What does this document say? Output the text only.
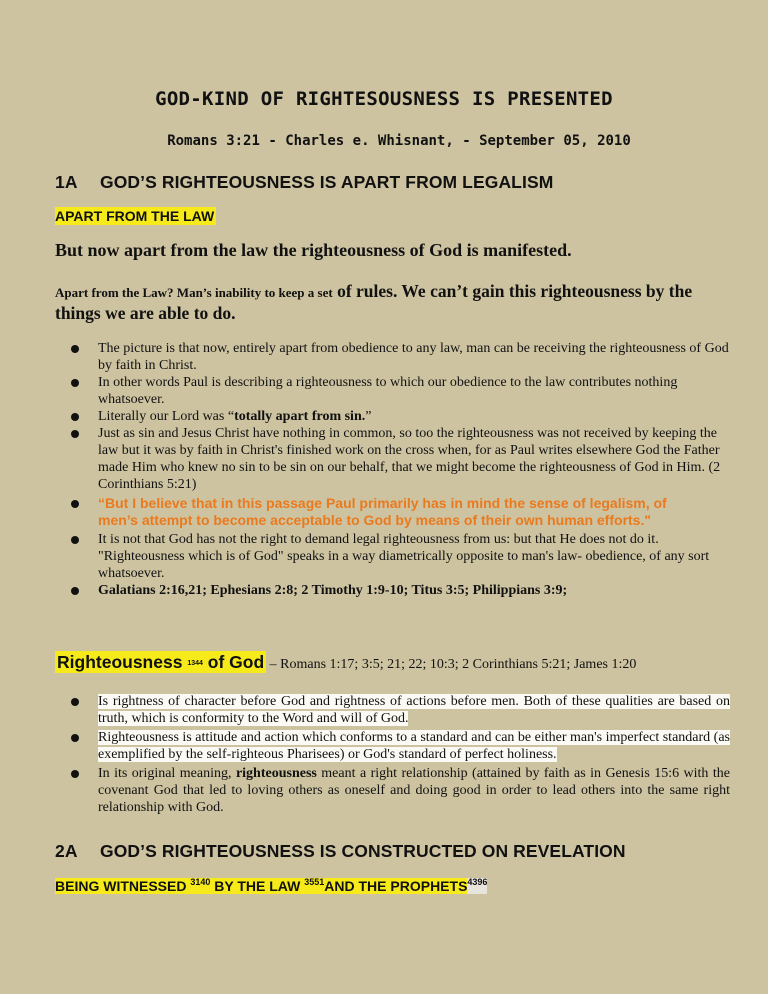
GOD-KIND OF RIGHTESOUSNESS IS PRESENTED
Romans 3:21 - Charles e. Whisnant, - September 05, 2010
1A GOD’S RIGHTEOUSNESS IS APART FROM LEGALISM
APART FROM THE LAW
But now apart from the law the righteousness of God is manifested.
Apart from the Law? Man’s inability to keep a set of rules. We can’t gain this righteousness by the things we are able to do.
The picture is that now, entirely apart from obedience to any law, man can be receiving the righteousness of God by faith in Christ.
In other words Paul is describing a righteousness to which our obedience to the law contributes nothing whatsoever.
Literally our Lord was “totally apart from sin.”
Just as sin and Jesus Christ have nothing in common, so too the righteousness was not received by keeping the law but it was by faith in Christ's finished work on the cross when, for as Paul writes elsewhere God the Father made Him who knew no sin to be sin on our behalf, that we might become the righteousness of God in Him. (2 Corinthians 5:21)
“But I believe that in this passage Paul primarily has in mind the sense of legalism, of men’s attempt to become acceptable to God by means of their own human efforts."
It is not that God has not the right to demand legal righteousness from us: but that He does not do it. "Righteousness which is of God" speaks in a way diametrically opposite to man's law- obedience, of any sort whatsoever.
Galatians 2:16,21; Ephesians 2:8; 2 Timothy 1:9-10; Titus 3:5; Philippians 3:9;
Righteousness 1344 of God – Romans 1:17; 3:5; 21; 22; 10:3; 2 Corinthians 5:21; James 1:20
Is rightness of character before God and rightness of actions before men. Both of these qualities are based on truth, which is conformity to the Word and will of God.
Righteousness is attitude and action which conforms to a standard and can be either man's imperfect standard (as exemplified by the self-righteous Pharisees) or God's standard of perfect holiness.
In its original meaning, righteousness meant a right relationship (attained by faith as in Genesis 15:6 with the covenant God that led to loving others as oneself and doing good in order to lead others into the same right relationship with God.
2A GOD’S RIGHTEOUSNESS IS CONSTRUCTED ON REVELATION
BEING WITNESSED $^{3140}$ BY THE LAW $^{3551}$AND THE $PROPHETS^{4396}$
